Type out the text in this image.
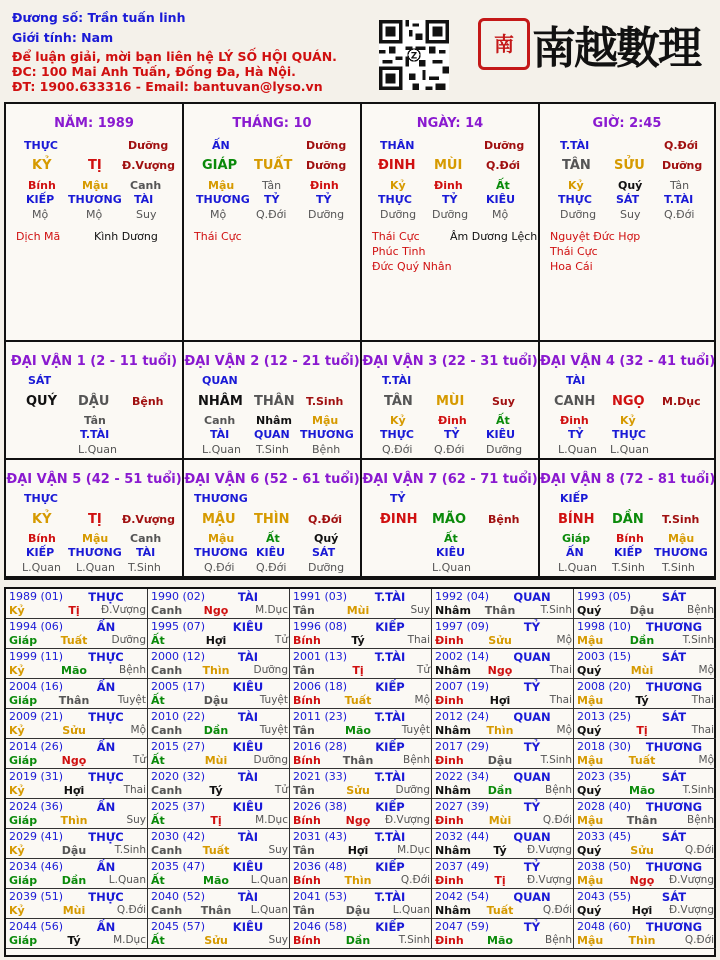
Đương số: Trần tuấn linh
Giới tính: Nam
Để luận giải, mời bạn liên hệ LÝ SỐ HỘI QUÁN.
ĐC: 100 Mai Anh Tuấn, Đống Đa, Hà Nội.
ĐT: 1900.633316 - Email: bantuvan@lyso.vn
Z
南 南越數理
NĂM: 1989
THỰC	Dưỡng
KỶ	TỊ Đ.Vượng
Bính Mậu Canh
KIẾP THƯƠNG TÀI
Mộ	Mộ	Suy
Dịch Mã	Kình Dương
THÁNG: 10
ẤN	Dưỡng
GIÁP TUẤT Dưỡng
Mậu	Tân	Đinh
THƯƠNG TỶ	TỶ
Mộ	Q.Đới Dưỡng
Thái Cực
NGÀY: 14
THÂN	Dưỡng
ĐINH MÙI Q.Đới
Kỷ	Đinh	Ất
THỰC	TỶ	KIÊU
Dưỡng Dưỡng Mộ
Thái Cực	Âm Dương Lệch
Phúc Tinh
Đức Quý Nhân
GIỜ: 2:45
T.TÀI	Q.Đới
TÂN SỬU Dưỡng
Kỷ	Quý	Tân
THỰC SÁT T.TÀI
Dưỡng Suy Q.Đới
Nguyệt Đức Hợp
Thái Cực
Hoa Cái
ĐẠI VẬN 1 (2 - 11 tuổi)
SÁT
QUÝ DẬU Bệnh
Tân
T.TÀI
L.Quan
ĐẠI VẬN 2 (12 - 21 tuổi)
QUAN
NHÂM THÂN T.Sinh
Canh Nhâm Mậu
TÀI QUAN THƯƠNG
L.Quan T.Sinh Bệnh
ĐẠI VẬN 3 (22 - 31 tuổi)
T.TÀI
TÂN MÙI	Suy
Kỷ	Đinh	Ất
THỰC	TỶ KIÊU
Q.Đới Q.Đới Dưỡng
ĐẠI VẬN 4 (32 - 41 tuổi)
TÀI
CANH NGỌ M.Dục
Đinh	Kỷ
TỶ	THỰC
L.Quan L.Quan
ĐẠI VẬN 5 (42 - 51 tuổi)
THỰC
KỶ	TỊ Đ.Vượng
Bính Mậu Canh
KIẾP THƯƠNG TÀI
L.Quan L.Quan T.Sinh
ĐẠI VẬN 6 (52 - 61 tuổi)
THƯƠNG
MẬU THÌN Q.Đới
Mậu	Ất	Quý
THƯƠNG KIÊU SÁT
Q.Đới Q.Đới Dưỡng
ĐẠI VẬN 7 (62 - 71 tuổi)
TỶ
ĐINH MÃO Bệnh
Ất
KIÊU
L.Quan
ĐẠI VẬN 8 (72 - 81 tuổi)
KIẾP
BÍNH DẦN T.Sinh
Giáp Bính Mậu
ẤN	KIẾP THƯƠNG
L.Quan T.Sinh T.Sinh
1989 (01)	THỰC
Kỷ	Tị	Đ.Vượng
1990 (02)	TÀI
Canh	Ngọ	M.Dục
1991 (03)	T.TÀI
Tân	Mùi	Suy
1992 (04)	QUAN
Nhâm Thân	T.Sinh
1993 (05)	SÁT
Quý	Dậu	Bệnh
1994 (06)	ẤN
Giáp	Tuất	Dưỡng
1995 (07)	KIÊU
Ất	Hợi	Tử
1996 (08)	KIẾP
Bính	Tý	Thai
1997 (09)	TỶ
Đinh	Sửu	Mộ
1998 (10) THƯƠNG
Mậu	Dần	T.Sinh
1999 (11)	THỰC
Kỷ	Mão	Bệnh
2000 (12)	TÀI
Canh	Thìn	Dưỡng
2001 (13)	T.TÀI
Tân	Tị	Tử
2002 (14)	QUAN
Nhâm	Ngọ	Thai
2003 (15)	SÁT
Quý	Mùi	Mộ
2004 (16)	ẤN
Giáp Thân	Tuyệt
2005 (17)	KIÊU
Ất	Dậu	Tuyệt
2006 (18)	KIẾP
Bính	Tuất	Mộ
2007 (19)	TỶ
Đinh	Hợi	Thai
2008 (20) THƯƠNG
Mậu	Tý	Thai
2009 (21)	THỰC
Kỷ	Sửu	Mộ
2010 (22)	TÀI
Canh	Dần	Tuyệt
2011 (23)	T.TÀI
Tân	Mão	Tuyệt
2012 (24)	QUAN
Nhâm	Thìn	Mộ
2013 (25)	SÁT
Quý	Tị	Thai
2014 (26)	ẤN
Giáp	Ngọ	Tử
2015 (27)	KIÊU
Ất	Mùi	Dưỡng
2016 (28)	KIẾP
Bính Thân	Bệnh
2017 (29)	TỶ
Đinh	Dậu	T.Sinh
2018 (30) THƯƠNG
Mậu	Tuất	Mộ
2019 (31)	THỰC
Kỷ	Hợi	Thai
2020 (32)	TÀI
Canh	Tý	Tử
2021 (33)	T.TÀI
Tân	Sửu	Dưỡng
2022 (34)	QUAN
Nhâm	Dần	Bệnh
2023 (35)	SÁT
Quý	Mão	T.Sinh
2024 (36)	ẤN
Giáp	Thìn	Suy
2025 (37)	KIÊU
Ất	Tị	M.Dục
2026 (38)	KIẾP
Bính	Ngọ	Đ.Vượng
2027 (39)	TỶ
Đinh	Mùi	Q.Đới
2028 (40) THƯƠNG
Mậu Thân	Bệnh
2029 (41)	THỰC
Kỷ	Dậu	T.Sinh
2030 (42)	TÀI
Canh	Tuất	Suy
2031 (43)	T.TÀI
Tân	Hợi	M.Dục
2032 (44)	QUAN
Nhâm	Tý	Đ.Vượng
2033 (45)	SÁT
Quý	Sửu	Q.Đới
2034 (46)	ẤN
Giáp	Dần	L.Quan
2035 (47)	KIÊU
Ất	Mão	L.Quan
2036 (48)	KIẾP
Bính	Thìn	Q.Đới
2037 (49)	TỶ
Đinh	Tị	Đ.Vượng
2038 (50) THƯƠNG
Mậu	Ngọ	Đ.Vượng
2039 (51)	THỰC
Kỷ	Mùi	Q.Đới
2040 (52)	TÀI
Canh Thân	L.Quan
2041 (53)	T.TÀI
Tân	Dậu	L.Quan
2042 (54)	QUAN
Nhâm	Tuất	Q.Đới
2043 (55)	SÁT
Quý	Hợi	Đ.Vượng
2044 (56)	ẤN
Giáp	Tý	M.Dục
2045 (57)	KIÊU
Ất	Sửu	Suy
2046 (58)	KIẾP
Bính	Dần	T.Sinh
2047 (59)	TỶ
Đinh	Mão	Bệnh
2048 (60) THƯƠNG
Mậu	Thìn	Q.Đới
